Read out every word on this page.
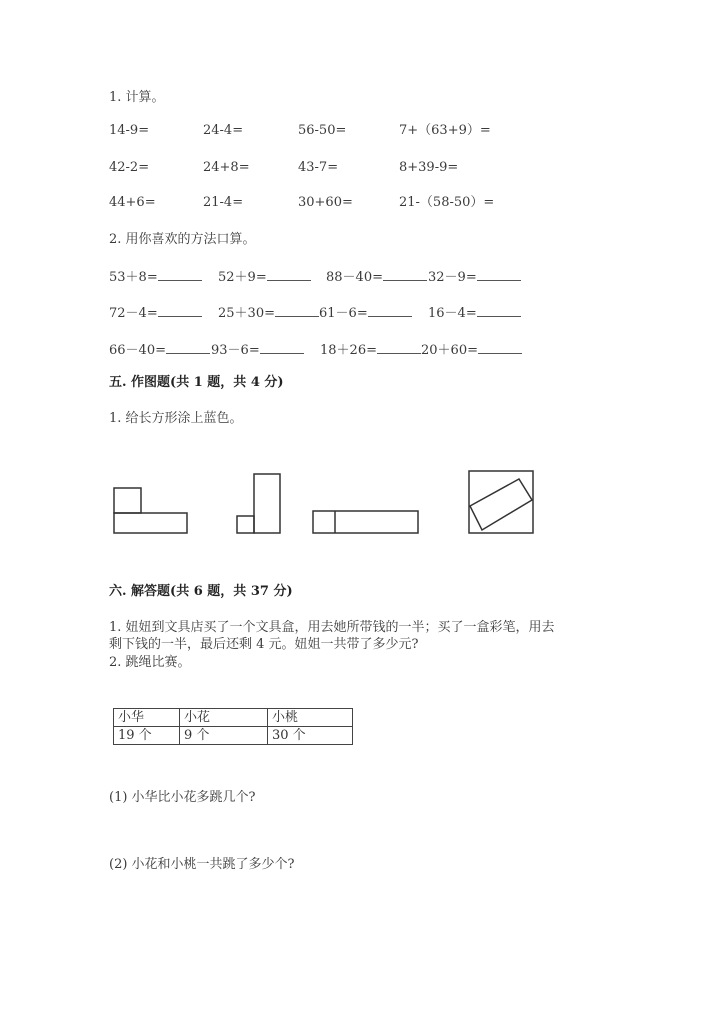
1. 计算。
14-9=	24-4=	56-50=	7+（63+9）=
42-2=	24+8=	43-7=	8+39-9=
44+6=	21-4=	30+60=	21-（58-50）=
2. 用你喜欢的方法口算。
53＋8=	52＋9=	88－40=	32－9=
72－4=	25＋30=	61－6=	16－4=
66－40=	93－6=	18＋26=	20＋60=
五. 作图题(共 1 题，共 4 分)
1. 给长方形涂上蓝色。
六. 解答题(共 6 题，共 37 分)
1. 妞妞到文具店买了一个文具盒，用去她所带钱的一半；买了一盒彩笔，用去
剩下钱的一半，最后还剩 4 元。妞姐一共带了多少元?
2. 跳绳比赛。
小华	小花	小桃
19 个	9 个	30 个
(1) 小华比小花多跳几个?
(2) 小花和小桃一共跳了多少个?
